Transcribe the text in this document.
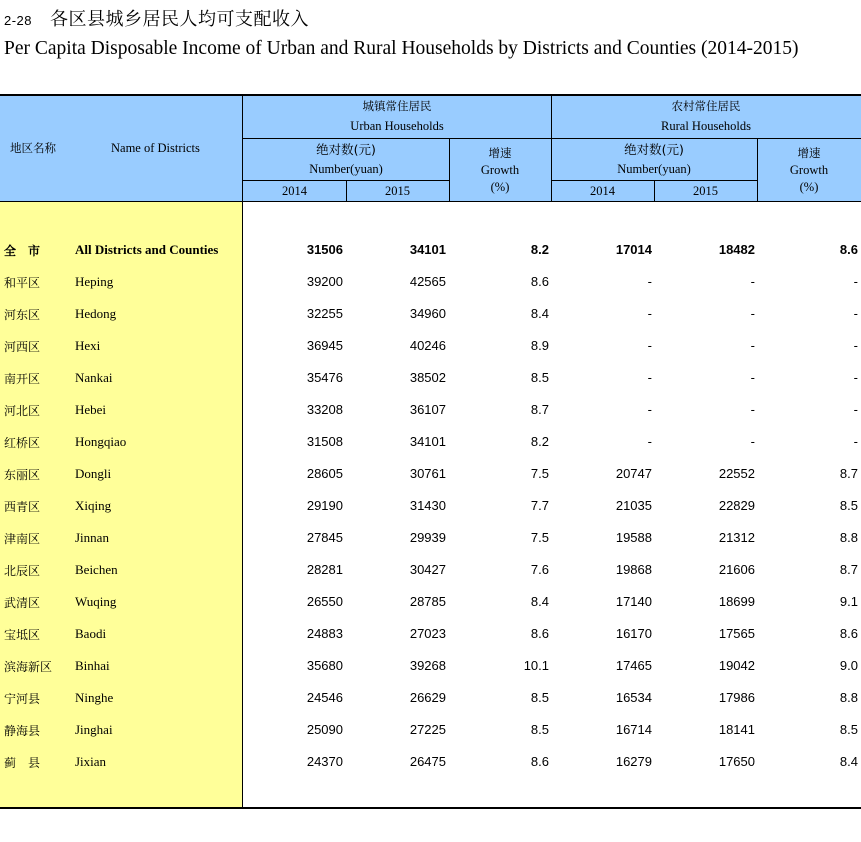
2-28 各区县城乡居民人均可支配收入
Per Capita Disposable Income of Urban and Rural Households by Districts and Counties (2014-2015)
地区名称	Name of Districts
城镇常住居民
Urban Households
农村常住居民
Rural Households
绝对数(元)
Number(yuan)
2014	2015
增速
Growth
(%)
绝对数(元)
Number(yuan)
2014	2015
增速
Growth
(%)
全　市	All Districts and Counties	31506	34101	8.2	17014	18482	8.6
和平区	Heping	39200	42565	8.6	-	-	-
河东区	Hedong	32255	34960	8.4	-	-	-
河西区	Hexi	36945	40246	8.9	-	-	-
南开区	Nankai	35476	38502	8.5	-	-	-
河北区	Hebei	33208	36107	8.7	-	-	-
红桥区	Hongqiao	31508	34101	8.2	-	-	-
东丽区	Dongli	28605	30761	7.5	20747	22552	8.7
西青区	Xiqing	29190	31430	7.7	21035	22829	8.5
津南区	Jinnan	27845	29939	7.5	19588	21312	8.8
北辰区	Beichen	28281	30427	7.6	19868	21606	8.7
武清区	Wuqing	26550	28785	8.4	17140	18699	9.1
宝坻区	Baodi	24883	27023	8.6	16170	17565	8.6
滨海新区 Binhai	35680	39268	10.1	17465	19042	9.0
宁河县	Ninghe	24546	26629	8.5	16534	17986	8.8
静海县	Jinghai	25090	27225	8.5	16714	18141	8.5
蓟　县	Jixian	24370	26475	8.6	16279	17650	8.4
